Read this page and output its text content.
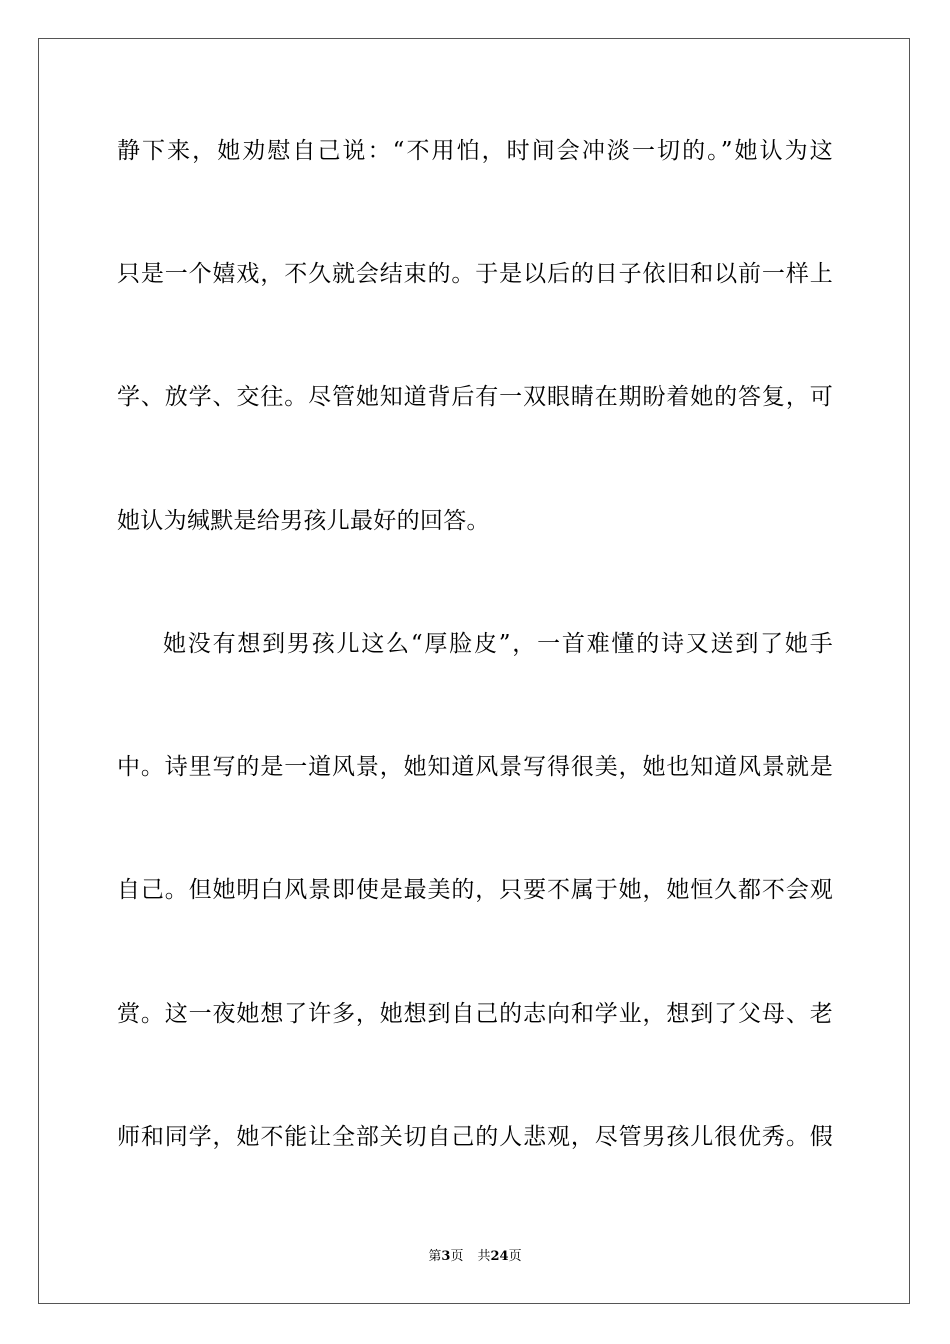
静下来，她劝慰自己说：“不用怕，时间会冲淡一切的。”她认为这
只是一个嬉戏，不久就会结束的。于是以后的日子依旧和以前一样上
学、放学、交往。尽管她知道背后有一双眼睛在期盼着她的答复，可
她认为缄默是给男孩儿最好的回答。
她没有想到男孩儿这么“厚脸皮”，一首难懂的诗又送到了她手
中。诗里写的是一道风景，她知道风景写得很美，她也知道风景就是
自己。但她明白风景即使是最美的，只要不属于她，她恒久都不会观
赏。这一夜她想了许多，她想到自己的志向和学业，想到了父母、老
师和同学，她不能让全部关切自己的人悲观，尽管男孩儿很优秀。假
第3页 共24页
